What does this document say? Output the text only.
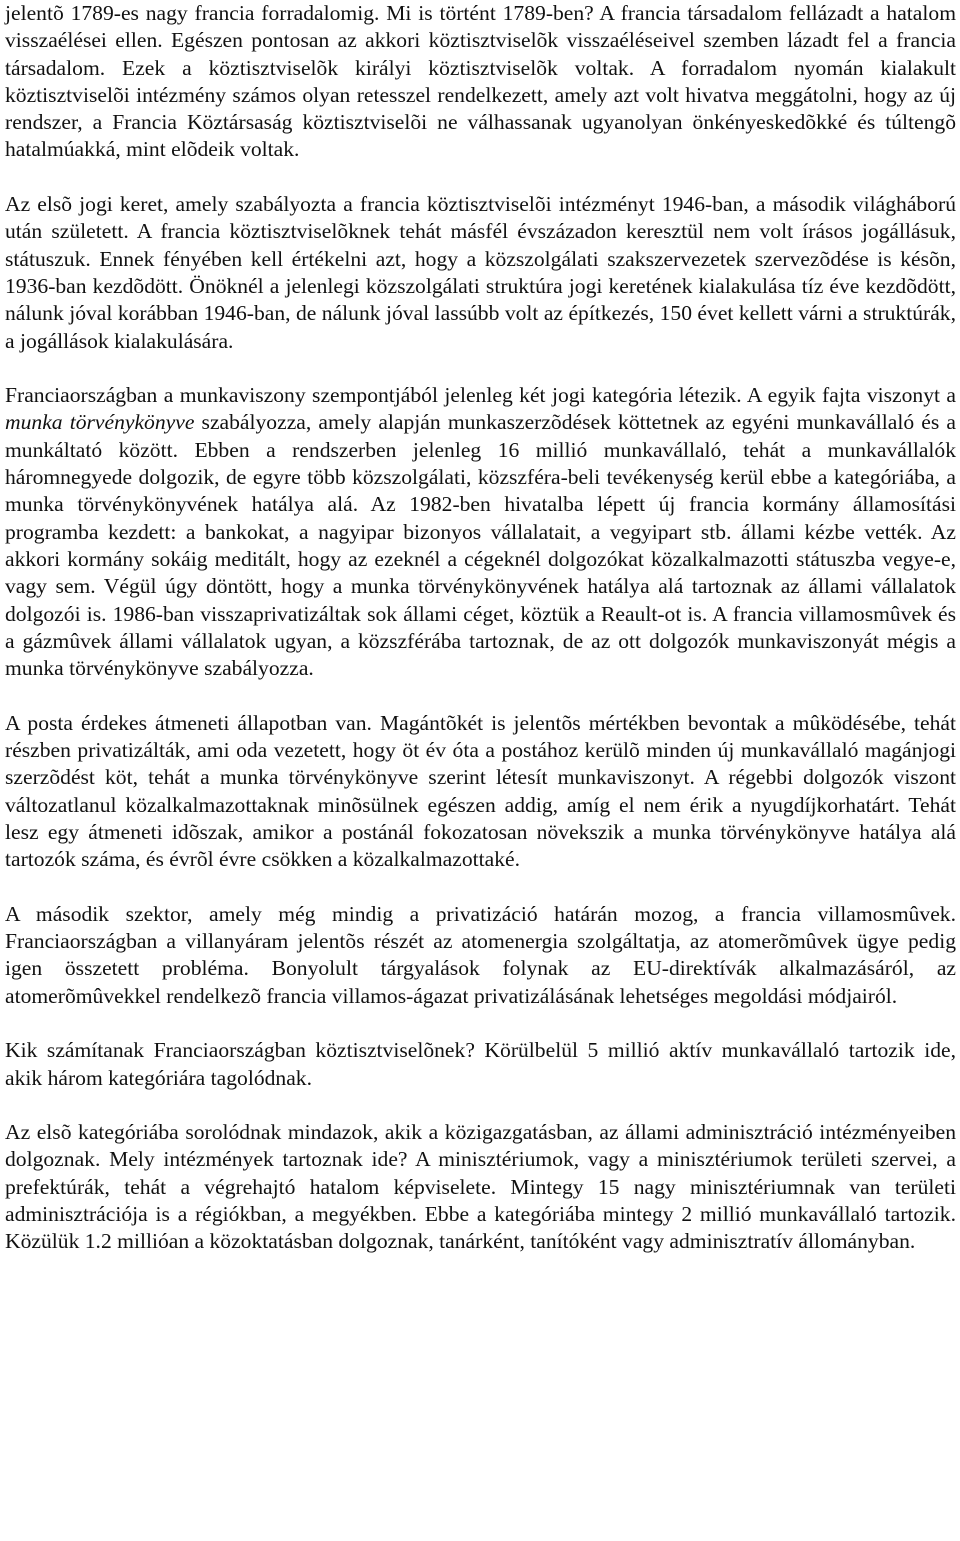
jelentõ 1789-es nagy francia forradalomig. Mi is történt 1789-ben? A francia társadalom fellázadt a hatalom visszaélései ellen. Egészen pontosan az akkori köztisztviselõk visszaéléseivel szemben lázadt fel a francia társadalom. Ezek a köztisztviselõk királyi köztisztviselõk voltak. A forradalom nyomán kialakult köztisztviselõi intézmény számos olyan retesszel rendelkezett, amely azt volt hivatva meggátolni, hogy az új rendszer, a Francia Köztársaság köztisztviselõi ne válhassanak ugyanolyan önkényeskedõkké és túltengõ hatalmúakká, mint elõdeik voltak.

Az elsõ jogi keret, amely szabályozta a francia köztisztviselõi intézményt 1946-ban, a második világháború után született. A francia köztisztviselõknek tehát másfél évszázadon keresztül nem volt írásos jogállásuk, státuszuk. Ennek fényében kell értékelni azt, hogy a közszolgálati szakszervezetek szervezõdése is késõn, 1936-ban kezdõdött. Önöknél a jelenlegi közszolgálati struktúra jogi keretének kialakulása tíz éve kezdõdött, nálunk jóval korábban 1946-ban, de nálunk jóval lassúbb volt az építkezés, 150 évet kellett várni a struktúrák, a jogállások kialakulására.

Franciaországban a munkaviszony szempontjából jelenleg két jogi kategória létezik. A egyik fajta viszonyt a munka törvénykönyve szabályozza, amely alapján munkaszerzõdések köttetnek az egyéni munkavállaló és a munkáltató között. Ebben a rendszerben jelenleg 16 millió munkavállaló, tehát a munkavállalók háromnegyede dolgozik, de egyre több közszolgálati, közszféra-beli tevékenység kerül ebbe a kategóriába, a munka törvénykönyvének hatálya alá. Az 1982-ben hivatalba lépett új francia kormány államosítási programba kezdett: a bankokat, a nagyipar bizonyos vállalatait, a vegyipart stb. állami kézbe vették. Az akkori kormány sokáig meditált, hogy az ezeknél a cégeknél dolgozókat közalkalmazotti státuszba vegye-e, vagy sem. Végül úgy döntött, hogy a munka törvénykönyvének hatálya alá tartoznak az állami vállalatok dolgozói is. 1986-ban visszaprivatizáltak sok állami céget, köztük a Reault-ot is. A francia villamosmûvek és a gázmûvek állami vállalatok ugyan, a közszférába tartoznak, de az ott dolgozók munkaviszonyát mégis a munka törvénykönyve szabályozza.

A posta érdekes átmeneti állapotban van. Magántõkét is jelentõs mértékben bevontak a mûködésébe, tehát részben privatizálták, ami oda vezetett, hogy öt év óta a postához kerülõ minden új munkavállaló magánjogi szerzõdést köt, tehát a munka törvénykönyve szerint létesít munkaviszonyt. A régebbi dolgozók viszont változatlanul közalkalmazottaknak minõsülnek egészen addig, amíg el nem érik a nyugdíjkorhatárt. Tehát lesz egy átmeneti idõszak, amikor a postánál fokozatosan növekszik a munka törvénykönyve hatálya alá tartozók száma, és évrõl évre csökken a közalkalmazottaké.

A második szektor, amely még mindig a privatizáció határán mozog, a francia villamosmûvek. Franciaországban a villanyáram jelentõs részét az atomenergia szolgáltatja, az atomerõmûvek ügye pedig igen összetett probléma. Bonyolult tárgyalások folynak az EU-direktívák alkalmazásáról, az atomerõmûvekkel rendelkezõ francia villamos-ágazat privatizálásának lehetséges megoldási módjairól.

Kik számítanak Franciaországban köztisztviselõnek? Körülbelül 5 millió aktív munkavállaló tartozik ide, akik három kategóriára tagolódnak.

Az elsõ kategóriába sorolódnak mindazok, akik a közigazgatásban, az állami adminisztráció intézményeiben dolgoznak. Mely intézmények tartoznak ide? A minisztériumok, vagy a minisztériumok területi szervei, a prefektúrák, tehát a végrehajtó hatalom képviselete. Mintegy 15 nagy minisztériumnak van területi adminisztrációja is a régiókban, a megyékben. Ebbe a kategóriába mintegy 2 millió munkavállaló tartozik. Közülük 1.2 millióan a közoktatásban dolgoznak, tanárként, tanítóként vagy adminisztratív állományban.
